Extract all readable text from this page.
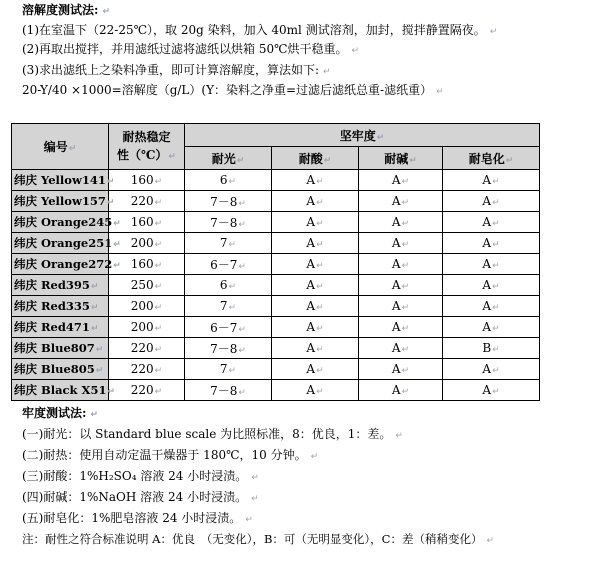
溶解度测试法: ↵
(1)在室温下（22-25℃），取 20g 染料，加入 40ml 测试溶剂，加封，搅拌静置隔夜。 ↵
(2)再取出搅拌，并用滤纸过滤将滤纸以烘箱 50℃烘干稳重。 ↵
(3)求出滤纸上之染料净重，即可计算溶解度，算法如下: ↵
20-Y/40 ×1000=溶解度（g/L）(Y：染料之净重=过滤后滤纸总重-滤纸重） ↵
编号↵	耐热稳定
性（℃）↵	坚牢度↵			
		耐光↵	耐酸↵	耐碱↵	耐皂化↵
纬庆 Yellow141↵	160↵	6↵	A↵	A↵	A↵
纬庆 Yellow157↵	220↵	7－8↵	A↵	A↵	A↵
纬庆 Orange245↵	160↵	7－8↵	A↵	A↵	A↵
纬庆 Orange251↵	200↵	7↵	A↵	A↵	A↵
纬庆 Orange272↵	160↵	6－7↵	A↵	A↵	A↵
纬庆 Red395↵	250↵	6↵	A↵	A↵	A↵
纬庆 Red335↵	200↵	7↵	A↵	A↵	A↵
纬庆 Red471↵	200↵	6－7↵	A↵	A↵	A↵
纬庆 Blue807↵	220↵	7－8↵	A↵	A↵	B↵
纬庆 Blue805↵	220↵	7↵	A↵	A↵	A↵
纬庆 Black X51↵	220↵	7－8↵	A↵	A↵	A↵
牢度测试法: ↵
(一)耐光：以 Standard blue scale 为比照标准，8：优良，1：差。 ↵
(二)耐热：使用自动定温干燥器于 180℃，10 分钟。 ↵
(三)耐酸：1%H₂SO₄ 溶液 24 小时浸渍。 ↵
(四)耐碱：1%NaOH 溶液 24 小时浸渍。 ↵
(五)耐皂化：1%肥皂溶液 24 小时浸渍。 ↵
注：耐性之符合标准说明 A：优良　（无变化），B：可（无明显变化），C：差（稍稍变化） ↵
